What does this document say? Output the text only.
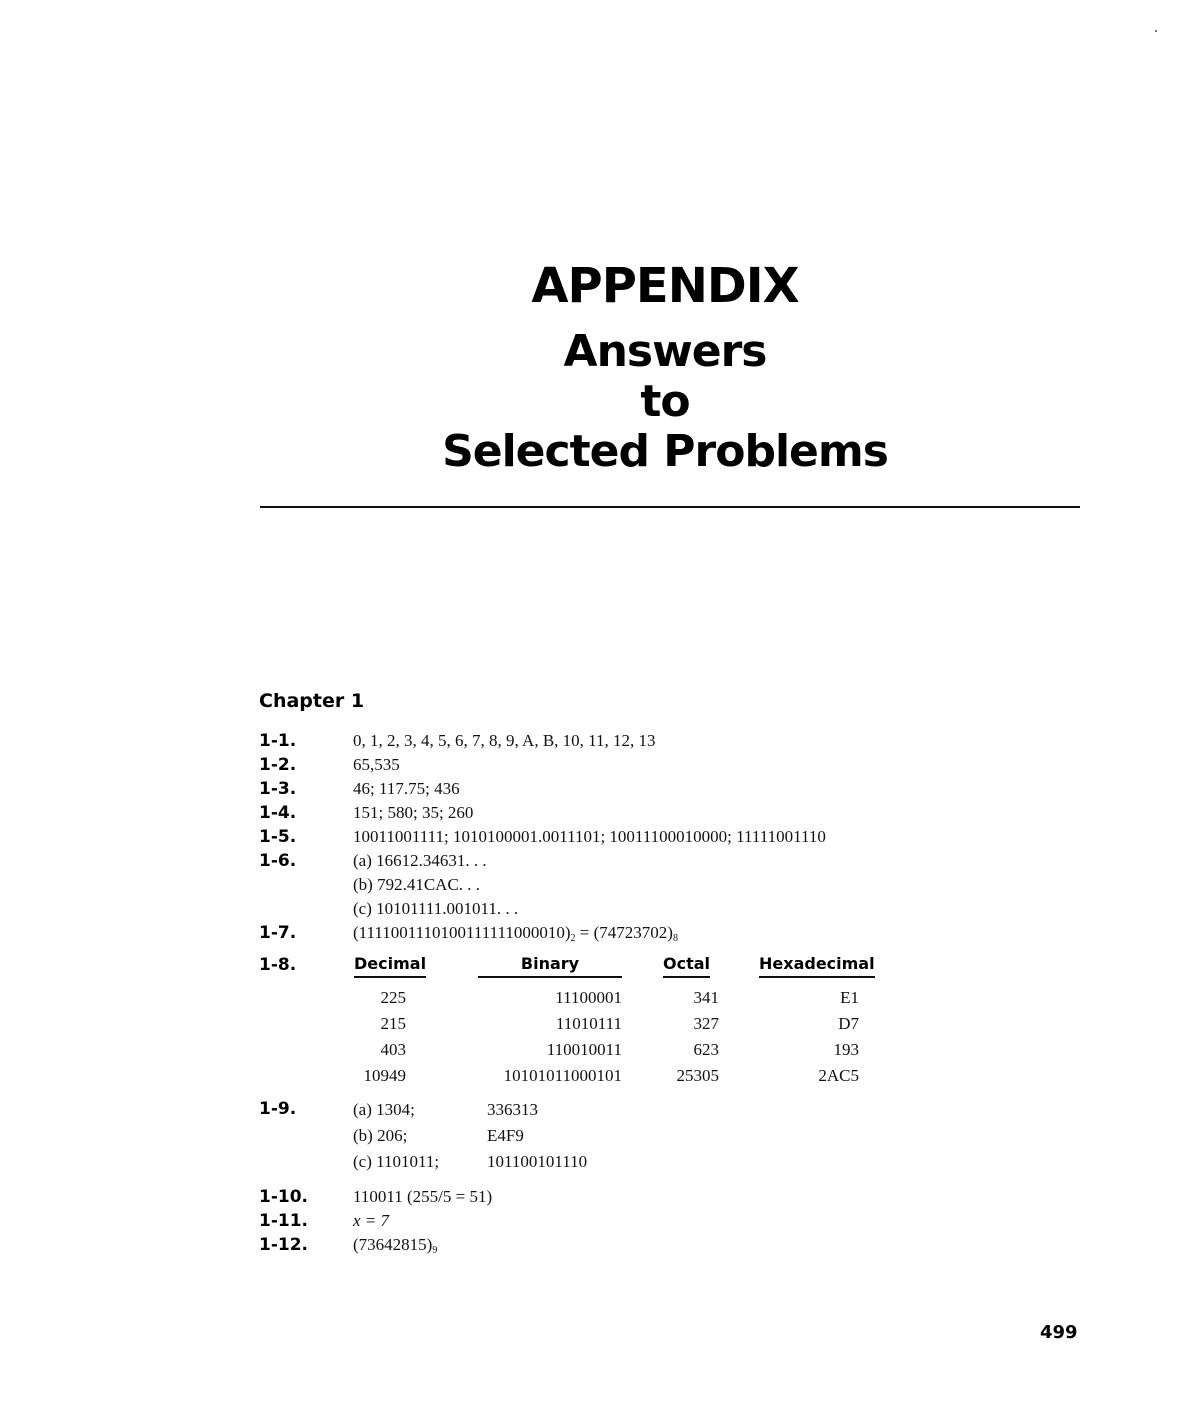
APPENDIX
Answers
to
Selected Problems
Chapter 1
1-1.	0, 1, 2, 3, 4, 5, 6, 7, 8, 9, A, B, 10, 11, 12, 13
1-2.	65,535
1-3.	46; 117.75; 436
1-4.	151; 580; 35; 260
1-5.	10011001111; 1010100001.0011101; 10011100010000; 11111001110
1-6.	(a) 16612.34631. . .
(b) 792.41CAC. . .
(c) 10101111.001011. . .
1-7.	$(1111001110100111111000010)_2 = (74723702)_8$
1-8.	Decimal	Binary	Octal	Hexadecimal
225	11100001	341	E1
215	11010111	327	D7
403	110010011	623	193
10949	10101011000101	25305	2AC5
1-9.	(a) 1304;	336313
(b) 206;	E4F9
(c) 1101011;	101100101110
1-10.	110011 (255/5 = 51)
1-11.	x = 7
1-12.	$(73642815)_9$
499
